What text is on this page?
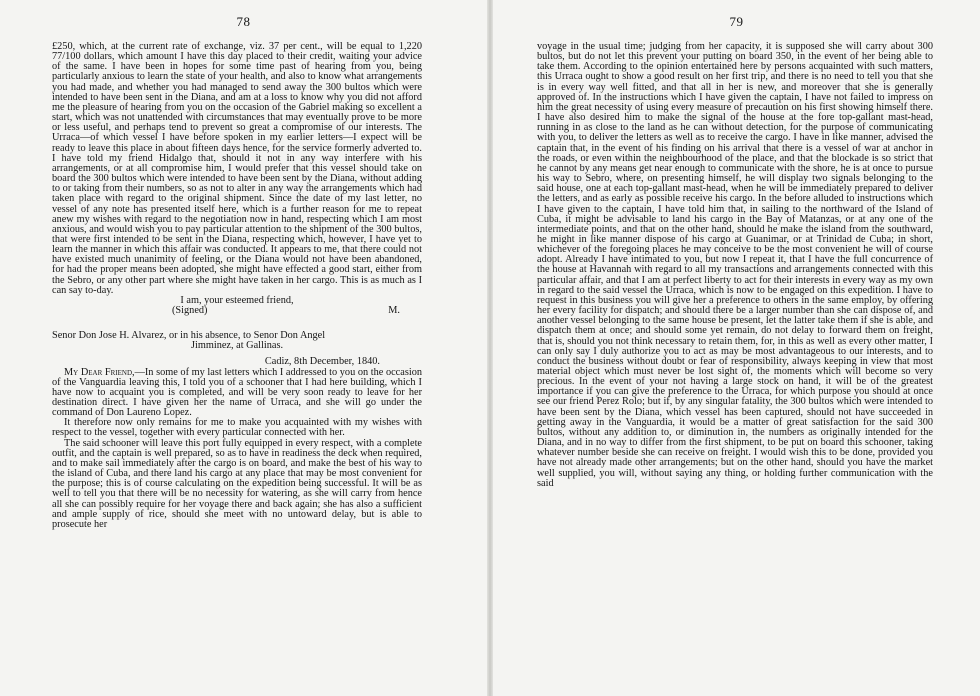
78

£250, which, at the current rate of exchange, viz. 37 per cent., will be equal to 1,220 77/100 dollars, which amount I have this day placed to their credit, waiting your advice of the same. I have been in hopes for some time past of hearing from you, being particularly anxious to learn the state of your health, and also to know what arrangements you had made, and whether you had managed to send away the 300 bultos which were intended to have been sent in the Diana, and am at a loss to know why you did not afford me the pleasure of hearing from you on the occasion of the Gabriel making so excellent a start, which was not unattended with circumstances that may eventually prove to be more or less useful, and perhaps tend to prevent so great a compromise of our interests. The Urraca—of which vessel I have before spoken in my earlier letters—I expect will be ready to leave this place in about fifteen days hence, for the service formerly adverted to. I have told my friend Hidalgo that, should it not in any way interfere with his arrangements, or at all compromise him, I would prefer that this vessel should take on board the 300 bultos which were intended to have been sent by the Diana, without adding to or taking from their numbers, so as not to alter in any way the arrangements which had taken place with regard to the original shipment. Since the date of my last letter, no vessel of any note has presented itself here, which is a further reason for me to repeat anew my wishes with regard to the negotiation now in hand, respecting which I am most anxious, and would wish you to pay particular attention to the shipment of the 300 bultos, that were first intended to be sent in the Diana, respecting which, however, I have yet to learn the manner in which this affair was conducted. It appears to me, that there could not have existed much unanimity of feeling, or the Diana would not have been abandoned, for had the proper means been adopted, she might have effected a good start, either from the Sebro, or any other part where she might have taken in her cargo. This is as much as I can say to-day.

I am, your esteemed friend,

(Signed)	M.

Senor Don Jose H. Alvarez, or in his absence, to Senor Don Angel
Jimminez, at Gallinas.

Cadiz, 8th December, 1840.

My Dear Friend,—In some of my last letters which I addressed to you on the occasion of the Vanguardia leaving this, I told you of a schooner that I had here building, which I have now to acquaint you is completed, and will be very soon ready to leave for her destination direct. I have given her the name of Urraca, and she will go under the command of Don Laureno Lopez.

It therefore now only remains for me to make you acquainted with my wishes with respect to the vessel, together with every particular connected with her.

The said schooner will leave this port fully equipped in every respect, with a complete outfit, and the captain is well prepared, so as to have in readiness the deck when required, and to make sail immediately after the cargo is on board, and make the best of his way to the island of Cuba, and there land his cargo at any place that may be most convenient for the purpose; this is of course calculating on the expedition being successful. It will be as well to tell you that there will be no necessity for watering, as she will carry from hence all she can possibly require for her voyage there and back again; she has also a sufficient and ample supply of rice, should she meet with no untoward delay, but is able to prosecute her

79

voyage in the usual time; judging from her capacity, it is supposed she will carry about 300 bultos, but do not let this prevent your putting on board 350, in the event of her being able to take them. According to the opinion entertained here by persons acquainted with such matters, this Urraca ought to show a good result on her first trip, and there is no need to tell you that she is in every way well fitted, and that all in her is new, and moreover that she is generally approved of. In the instructions which I have given the captain, I have not failed to impress on him the great necessity of using every measure of precaution on his first showing himself there. I have also desired him to make the signal of the house at the fore top-gallant mast-head, running in as close to the land as he can without detection, for the purpose of communicating with you, to deliver the letters as well as to receive the cargo. I have in like manner, advised the captain that, in the event of his finding on his arrival that there is a vessel of war at anchor in the roads, or even within the neighbourhood of the place, and that the blockade is so strict that he cannot by any means get near enough to communicate with the shore, he is at once to pursue his way to Sebro, where, on presenting himself, he will display two signals belonging to the said house, one at each top-gallant mast-head, when he will be immediately prepared to deliver the letters, and as early as possible receive his cargo. In the before alluded to instructions which I have given to the captain, I have told him that, in sailing to the northward of the Island of Cuba, it might be advisable to land his cargo in the Bay of Matanzas, or at any one of the intermediate points, and that on the other hand, should he make the island from the southward, he might in like manner dispose of his cargo at Guanimar, or at Trinidad de Cuba; in short, whichever of the foregoing places he may conceive to be the most convenient he will of course adopt. Already I have intimated to you, but now I repeat it, that I have the full concurrence of the house at Havannah with regard to all my transactions and arrangements connected with this particular affair, and that I am at perfect liberty to act for their interests in every way as my own in regard to the said vessel the Urraca, which is now to be engaged on this expedition. I have to request in this business you will give her a preference to others in the same employ, by offering her every facility for dispatch; and should there be a larger number than she can dispose of, and another vessel belonging to the same house be present, let the latter take them if she is able, and dispatch them at once; and should some yet remain, do not delay to forward them on freight, that is, should you not think necessary to retain them, for, in this as well as every other matter, I can only say I duly authorize you to act as may be most advantageous to our interests, and to conduct the business without doubt or fear of responsibility, always keeping in view that most material object which must never be lost sight of, the moments which will become so very precious. In the event of your not having a large stock on hand, it will be of the greatest importance if you can give the preference to the Urraca, for which purpose you should at once see our friend Perez Rolo; but if, by any singular fatality, the 300 bultos which were intended to have been sent by the Diana, which vessel has been captured, should not have succeeded in getting away in the Vanguardia, it would be a matter of great satisfaction for the said 300 bultos, without any addition to, or diminution in, the numbers as originally intended for the Diana, and in no way to differ from the first shipment, to be put on board this schooner, taking whatever number beside she can receive on freight. I would wish this to be done, provided you have not already made other arrangements; but on the other hand, should you have the market well supplied, you will, without saying any thing, or holding further communication with the said
